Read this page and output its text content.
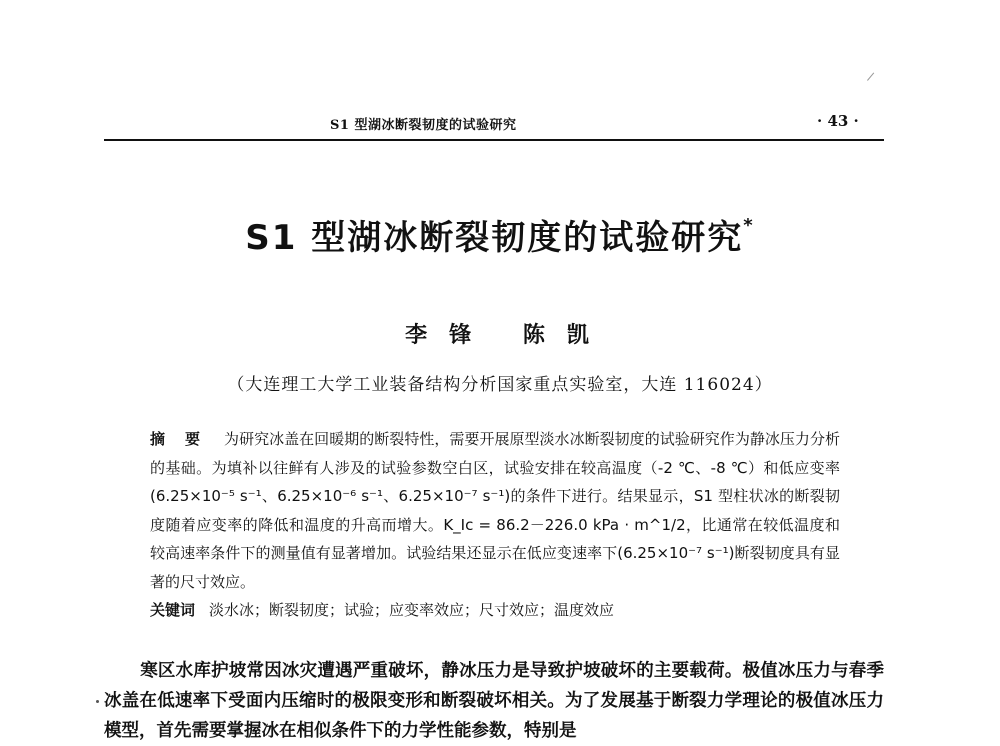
S1 型湖冰断裂韧度的试验研究	· 43 ·
S1 型湖冰断裂韧度的试验研究*
李锋 陈凯
（大连理工大学工业装备结构分析国家重点实验室，大连 116024）
摘要 为研究冰盖在回暖期的断裂特性，需要开展原型淡水冰断裂韧度的试验研究作为静冰压力分析的基础。为填补以往鲜有人涉及的试验参数空白区，试验安排在较高温度（-2 ℃、-8 ℃）和低应变率(6.25×10⁻⁵ s⁻¹、6.25×10⁻⁶ s⁻¹、6.25×10⁻⁷ s⁻¹)的条件下进行。结果显示，S1 型柱状冰的断裂韧度随着应变率的降低和温度的升高而增大。K_Ic = 86.2－226.0 kPa · m^1/2，比通常在较低温度和较高速率条件下的测量值有显著增加。试验结果还显示在低应变速率下(6.25×10⁻⁷ s⁻¹)断裂韧度具有显著的尺寸效应。
关键词 淡水冰；断裂韧度；试验；应变率效应；尺寸效应；温度效应
寒区水库护坡常因冰灾遭遇严重破坏，静冰压力是导致护坡破坏的主要载荷。极值冰压力与春季冰盖在低速率下受面内压缩时的极限变形和断裂破坏相关。为了发展基于断裂力学理论的极值冰压力模型，首先需要掌握冰在相似条件下的力学性能参数，特别是
